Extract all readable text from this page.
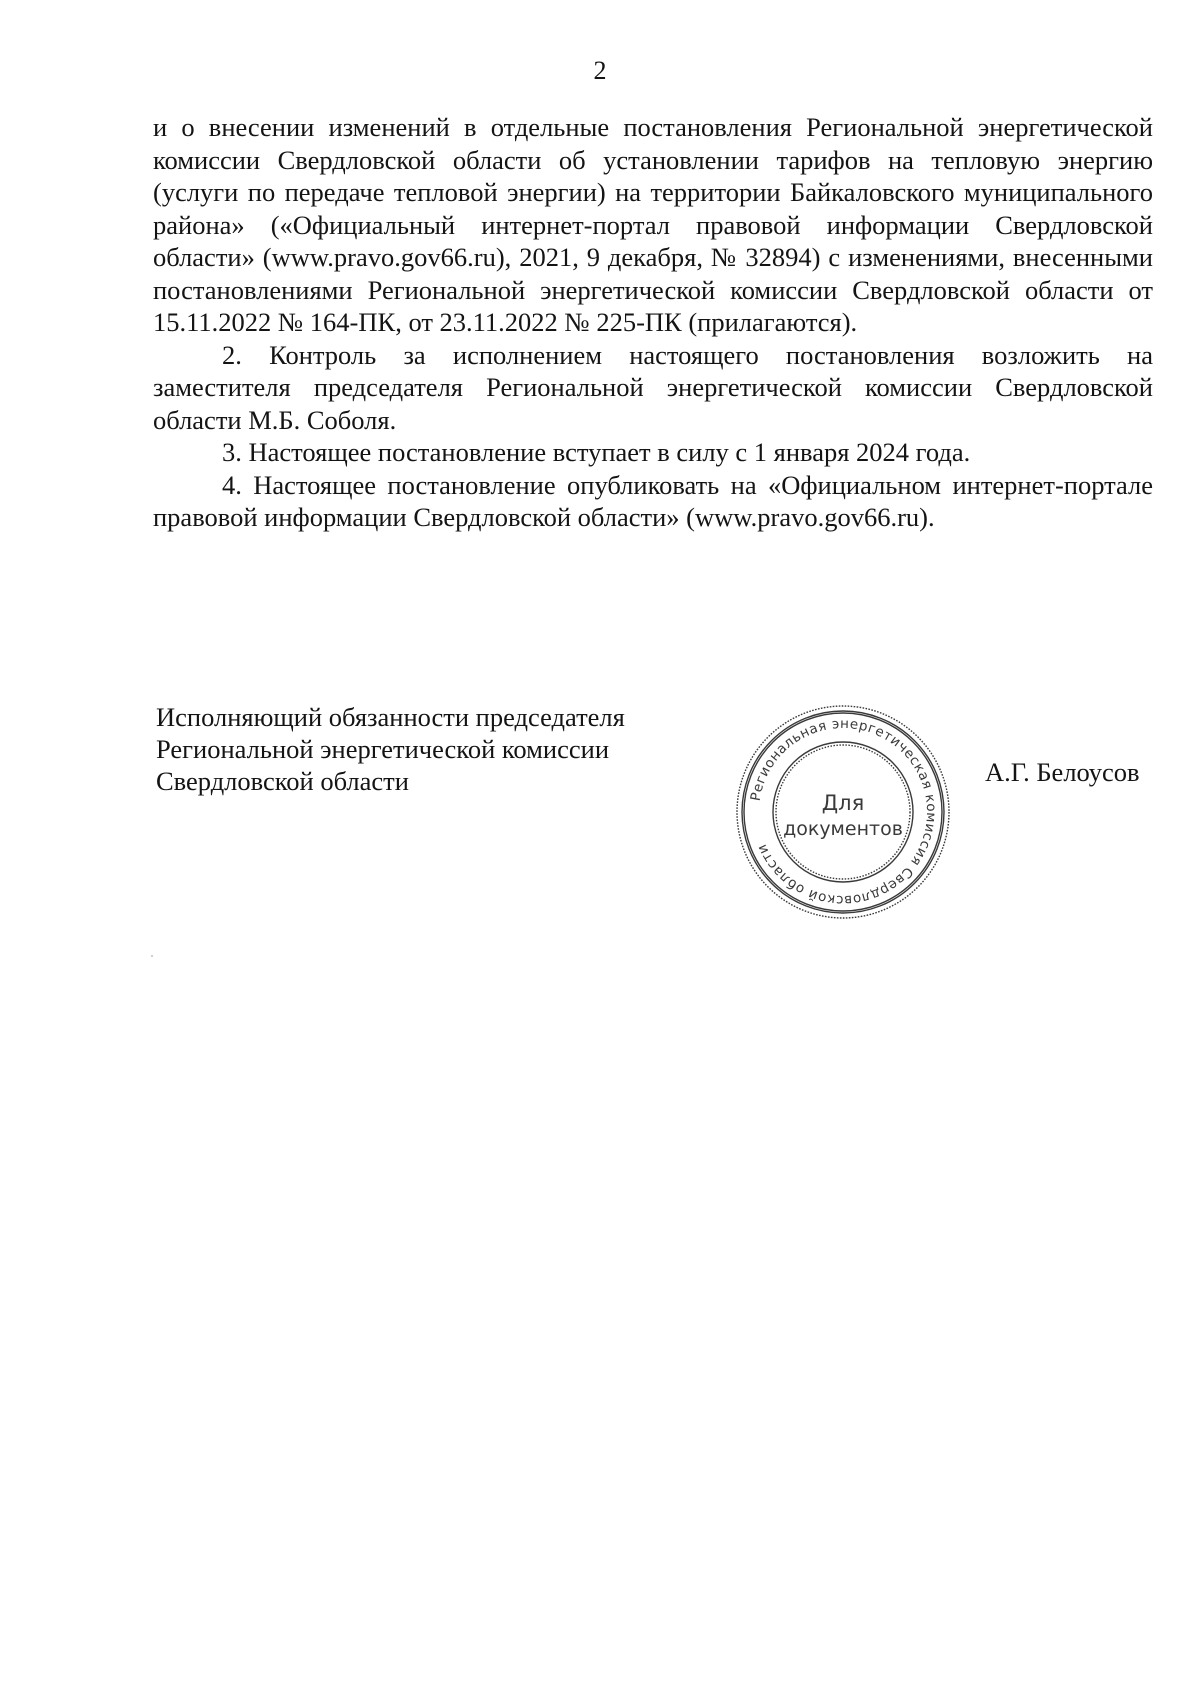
2

и о внесении изменений в отдельные постановления Региональной энергетической комиссии Свердловской области об установлении тарифов на тепловую энергию (услуги по передаче тепловой энергии) на территории Байкаловского муниципального района» («Официальный интернет-портал правовой информации Свердловской области» (www.pravo.gov66.ru), 2021, 9 декабря, № 32894) с изменениями, внесенными постановлениями Региональной энергетической комиссии Свердловской области от 15.11.2022 № 164-ПК, от 23.11.2022 № 225-ПК (прилагаются).

2. Контроль за исполнением настоящего постановления возложить на заместителя председателя Региональной энергетической комиссии Свердловской области М.Б. Соболя.

3. Настоящее постановление вступает в силу с 1 января 2024 года.

4. Настоящее постановление опубликовать на «Официальном интернет-портале правовой информации Свердловской области» (www.pravo.gov66.ru).

Исполняющий обязанности председателя
Региональной энергетической комиссии
Свердловской области
Региональная энергетическая комиссия Свердловской области
Для
документов
А.Г. Белоусов
